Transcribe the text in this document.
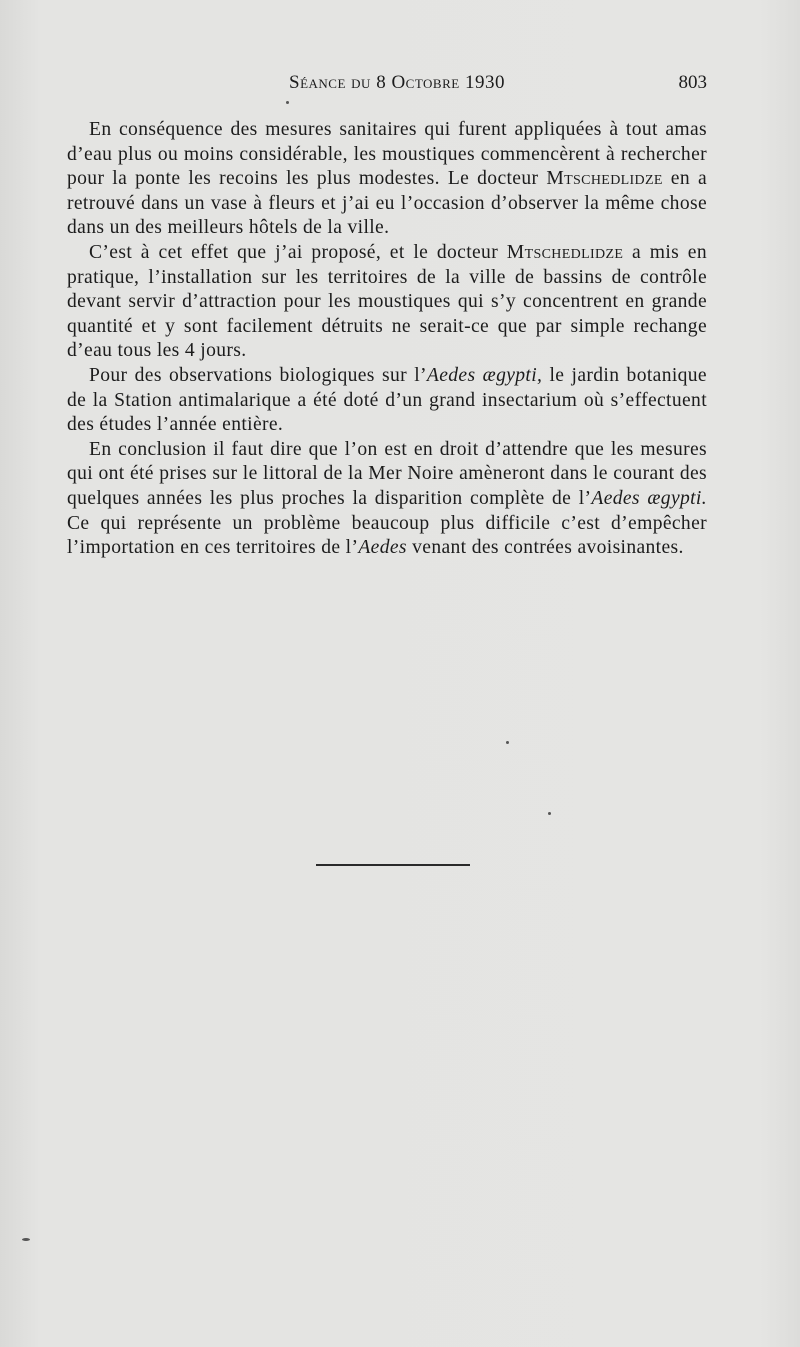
Séance du 8 Octobre 1930	803

En conséquence des mesures sanitaires qui furent appliquées à tout amas d’eau plus ou moins considérable, les moustiques commencèrent à rechercher pour la ponte les recoins les plus modestes. Le docteur Mtschedlidze en a retrouvé dans un vase à fleurs et j’ai eu l’occasion d’observer la même chose dans un des meilleurs hôtels de la ville.

C’est à cet effet que j’ai proposé, et le docteur Mtschedlidze a mis en pratique, l’installation sur les territoires de la ville de bassins de contrôle devant servir d’attraction pour les moustiques qui s’y concentrent en grande quantité et y sont facilement détruits ne serait-ce que par simple rechange d’eau tous les 4 jours.

Pour des observations biologiques sur l’Aedes ægypti, le jardin botanique de la Station antimalarique a été doté d’un grand insectarium où s’effectuent des études l’année entière.

En conclusion il faut dire que l’on est en droit d’attendre que les mesures qui ont été prises sur le littoral de la Mer Noire amèneront dans le courant des quelques années les plus proches la disparition complète de l’Aedes ægypti. Ce qui représente un problème beaucoup plus difficile c’est d’empêcher l’importation en ces territoires de l’Aedes venant des contrées avoisinantes.
